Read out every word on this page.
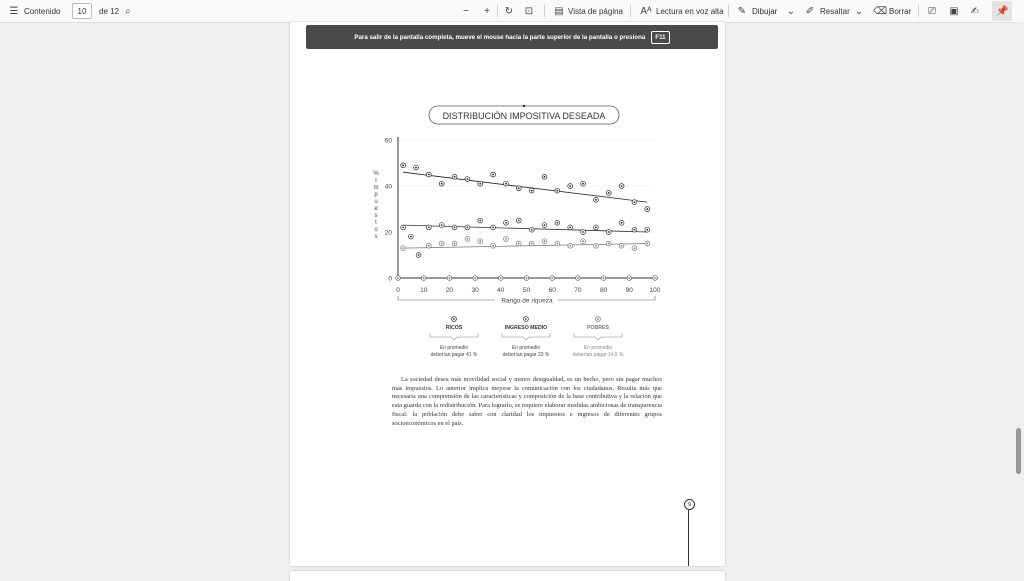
☰ Contenido	10	de 12 ⌕	−	+	↻ ⊡ ▤ Vista de página Aᴬ Lectura en voz alta ✎ Dibujar ⌄ ✐ Resaltar ⌄ ⌫ Borrar ⎚ ▣ ✍ 📌
Para salir de la pantalla completa, mueve el mouse hacia la parte superior de la pantalla o presiona	F11
DISTRIBUCIÓN IMPOSITIVA DESEADA
0
20
40
60
0	10	20	30	40	50	60	70	80	90	100
%
I
m
p
u
e
s
t
o
s
Rango de riqueza
RICOS
En promedio
deberían pagar 41 %
INGRESO MEDIO
En promedio
deberían pagar 23 %
POBRES
En promedio
deberían pagar 14.5 %
La sociedad desea más movilidad social y menor desigualdad, es un hecho, pero sin pagar muchos más impuestos. Lo anterior implica mejorar la comunicación con los ciudadanos. Resulta más que necesaria una comprensión de las características y composición de la base contributiva y la relación que esta guarda con la redistribución. Para lograrlo, se requiere elaborar medidas ambiciosas de transparencia fiscal: la población debe saber con claridad los impuestos e ingresos de diferentes grupos socioeconómicos en el país.
9
